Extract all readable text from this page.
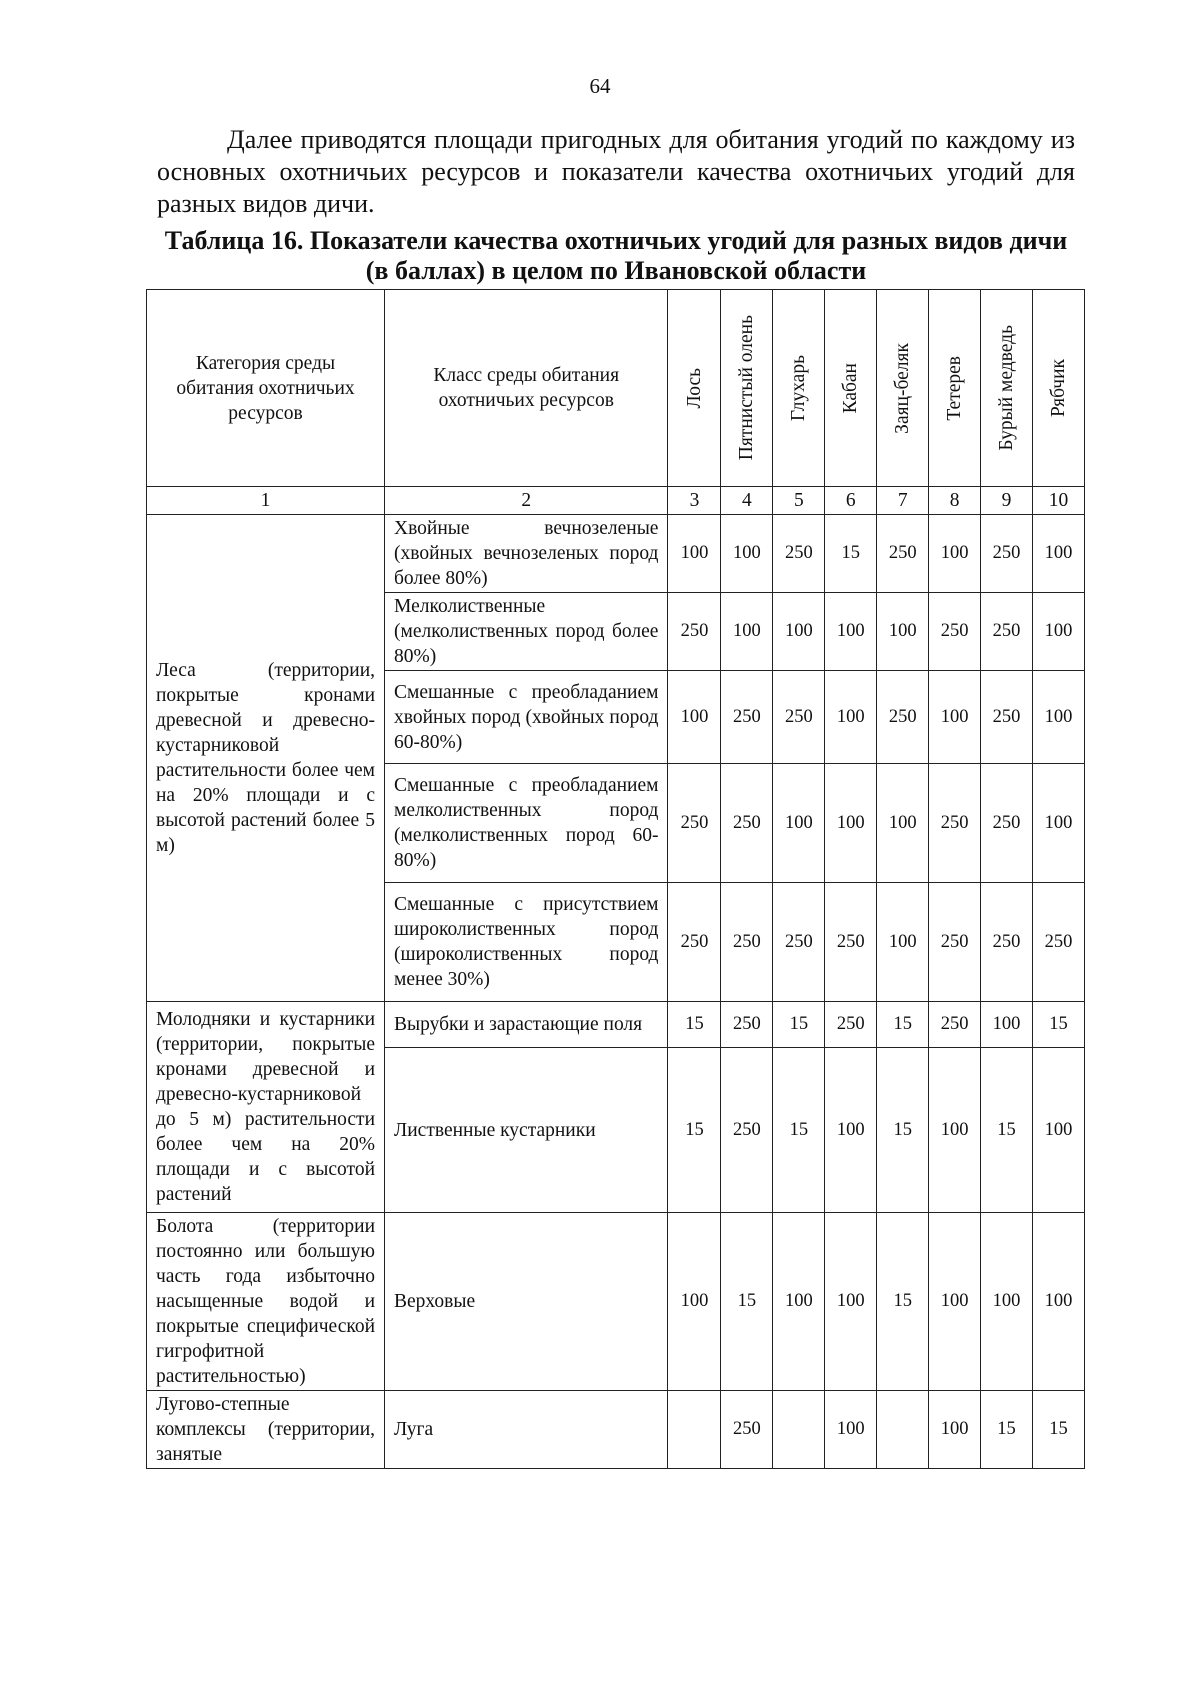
64

Далее приводятся площади пригодных для обитания угодий по каждому из основных охотничьих ресурсов и показатели качества охотничьих угодий для разных видов дичи.

Таблица 16. Показатели качества охотничьих угодий для разных видов дичи (в баллах) в целом по Ивановской области

Категория среды обитания охотничьих ресурсов	Класс среды обитания охотничьих ресурсов	Лось	Пятнистый олень	Глухарь	Кабан	Заяц-беляк	Тетерев	Бурый медведь	Рябчик

1	2	3	4	5	6	7	8	9	10
Леса (территории, покрытые кронами древесной и древесно-кустарниковой растительности более чем на 20% площади и с высотой растений более 5 м)	Хвойные вечнозеленые (хвойных вечнозеленых пород более 80%)	100	100	250	15	250	100	250	100
	Мелколиственные (мелколиственных пород более 80%)	250	100	100	100	100	250	250	100
	Смешанные с преобладанием хвойных пород (хвойных пород 60-80%)	100	250	250	100	250	100	250	100
	Смешанные с преобладанием мелколиственных пород (мелколиственных пород 60-80%)	250	250	100	100	100	250	250	100
	Смешанные с присутствием широколиственных пород (широколиственных пород менее 30%)	250	250	250	250	100	250	250	250
Молодняки и кустарники (территории, покрытые кронами древесной и древесно-кустарниковой до 5 м) растительности более чем на 20% площади и с высотой растений	Вырубки и зарастающие поля	15	250	15	250	15	250	100	15
	Лиственные кустарники	15	250	15	100	15	100	15	100
Болота (территории постоянно или большую часть года избыточно насыщенные водой и покрытые специфической гигрофитной растительностью)	Верховые	100	15	100	100	15	100	100	100
Лугово-степные комплексы (территории, занятые	Луга		250		100		100	15	15
